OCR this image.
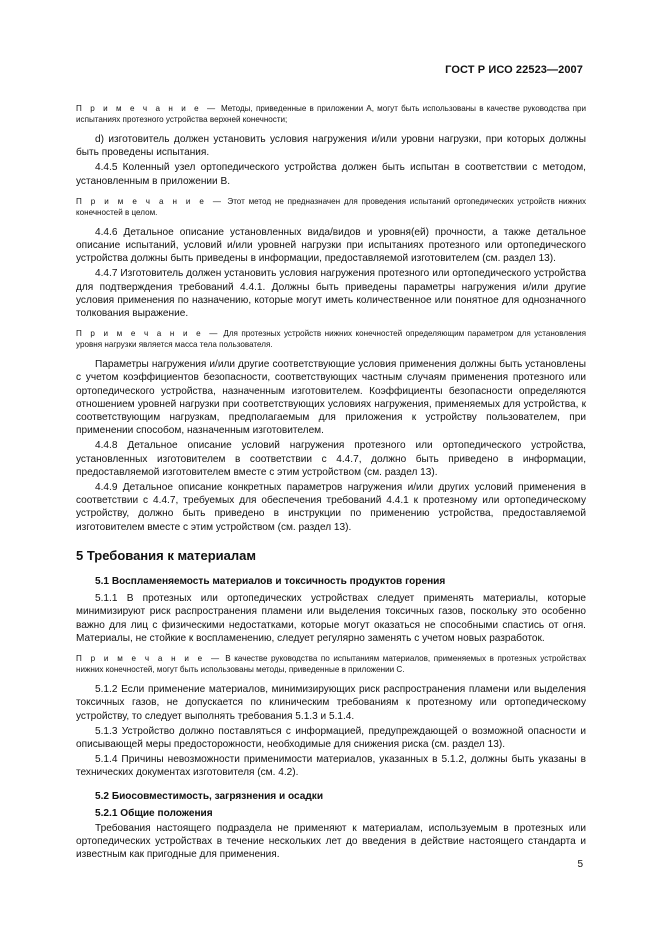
ГОСТ Р ИСО 22523—2007

П р и м е ч а н и е — Методы, приведенные в приложении А, могут быть использованы в качестве руководства при испытаниях протезного устройства верхней конечности;

d) изготовитель должен установить условия нагружения и/или уровни нагрузки, при которых должны быть проведены испытания.

4.4.5 Коленный узел ортопедического устройства должен быть испытан в соответствии с методом, установленным в приложении В.

П р и м е ч а н и е — Этот метод не предназначен для проведения испытаний ортопедических устройств нижних конечностей в целом.

4.4.6 Детальное описание установленных вида/видов и уровня(ей) прочности, а также детальное описание испытаний, условий и/или уровней нагрузки при испытаниях протезного или ортопедического устройства должны быть приведены в информации, предоставляемой изготовителем (см. раздел 13).

4.4.7 Изготовитель должен установить условия нагружения протезного или ортопедического устройства для подтверждения требований 4.4.1. Должны быть приведены параметры нагружения и/или другие условия применения по назначению, которые могут иметь количественное или понятное для однозначного толкования выражение.

П р и м е ч а н и е — Для протезных устройств нижних конечностей определяющим параметром для установления уровня нагрузки является масса тела пользователя.

Параметры нагружения и/или другие соответствующие условия применения должны быть установлены с учетом коэффициентов безопасности, соответствующих частным случаям применения протезного или ортопедического устройства, назначенным изготовителем. Коэффициенты безопасности определяются отношением уровней нагрузки при соответствующих условиях нагружения, применяемых для устройства, к соответствующим нагрузкам, предполагаемым для приложения к устройству пользователем, при применении способом, назначенным изготовителем.

4.4.8 Детальное описание условий нагружения протезного или ортопедического устройства, установленных изготовителем в соответствии с 4.4.7, должно быть приведено в информации, предоставляемой изготовителем вместе с этим устройством (см. раздел 13).

4.4.9 Детальное описание конкретных параметров нагружения и/или других условий применения в соответствии с 4.4.7, требуемых для обеспечения требований 4.4.1 к протезному или ортопедическому устройству, должно быть приведено в инструкции по применению устройства, предоставляемой изготовителем вместе с этим устройством (см. раздел 13).

5 Требования к материалам

5.1 Воспламеняемость материалов и токсичность продуктов горения

5.1.1 В протезных или ортопедических устройствах следует применять материалы, которые минимизируют риск распространения пламени или выделения токсичных газов, поскольку это особенно важно для лиц с физическими недостатками, которые могут оказаться не способными спастись от огня. Материалы, не стойкие к воспламенению, следует регулярно заменять с учетом новых разработок.

П р и м е ч а н и е — В качестве руководства по испытаниям материалов, применяемых в протезных устройствах нижних конечностей, могут быть использованы методы, приведенные в приложении С.

5.1.2 Если применение материалов, минимизирующих риск распространения пламени или выделения токсичных газов, не допускается по клиническим требованиям к протезному или ортопедическому устройству, то следует выполнять требования 5.1.3 и 5.1.4.

5.1.3 Устройство должно поставляться с информацией, предупреждающей о возможной опасности и описывающей меры предосторожности, необходимые для снижения риска (см. раздел 13).

5.1.4 Причины невозможности применимости материалов, указанных в 5.1.2, должны быть указаны в технических документах изготовителя (см. 4.2).

5.2 Биосовместимость, загрязнения и осадки

5.2.1 Общие положения

Требования настоящего подраздела не применяют к материалам, используемым в протезных или ортопедических устройствах в течение нескольких лет до введения в действие настоящего стандарта и известным как пригодные для применения.

5
